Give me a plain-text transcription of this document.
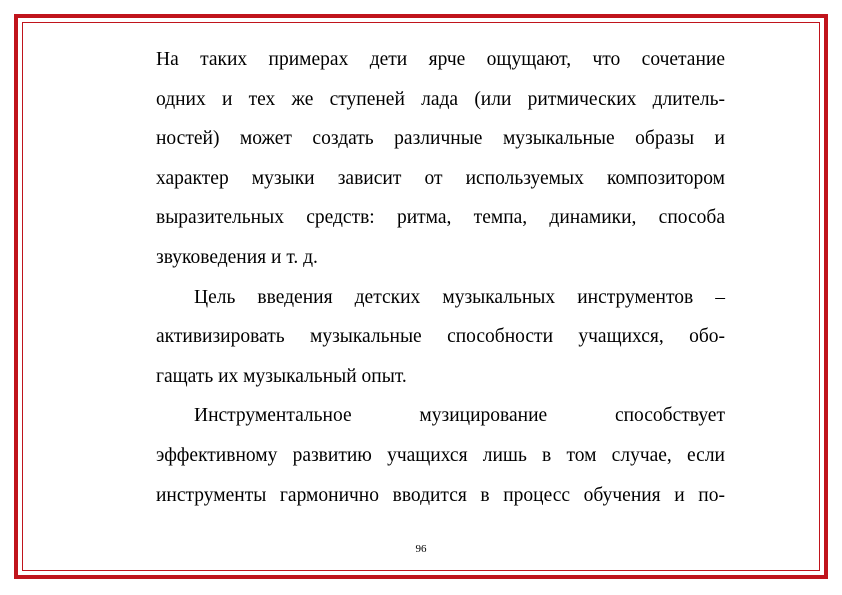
На таких примерах дети ярче ощущают, что сочетание
одних и тех же ступеней лада (или ритмических длитель-
ностей) может создать различные музыкальные образы и
характер музыки зависит от используемых композитором
выразительных средств: ритма, темпа, динамики, способа
звуковедения и т. д.
Цель введения детских музыкальных инструментов –
активизировать музыкальные способности учащихся, обо-
гащать их музыкальный опыт.
Инструментальное музицирование способствует
эффективному развитию учащихся лишь в том случае, если
инструменты гармонично вводится в процесс обучения и по-
96
